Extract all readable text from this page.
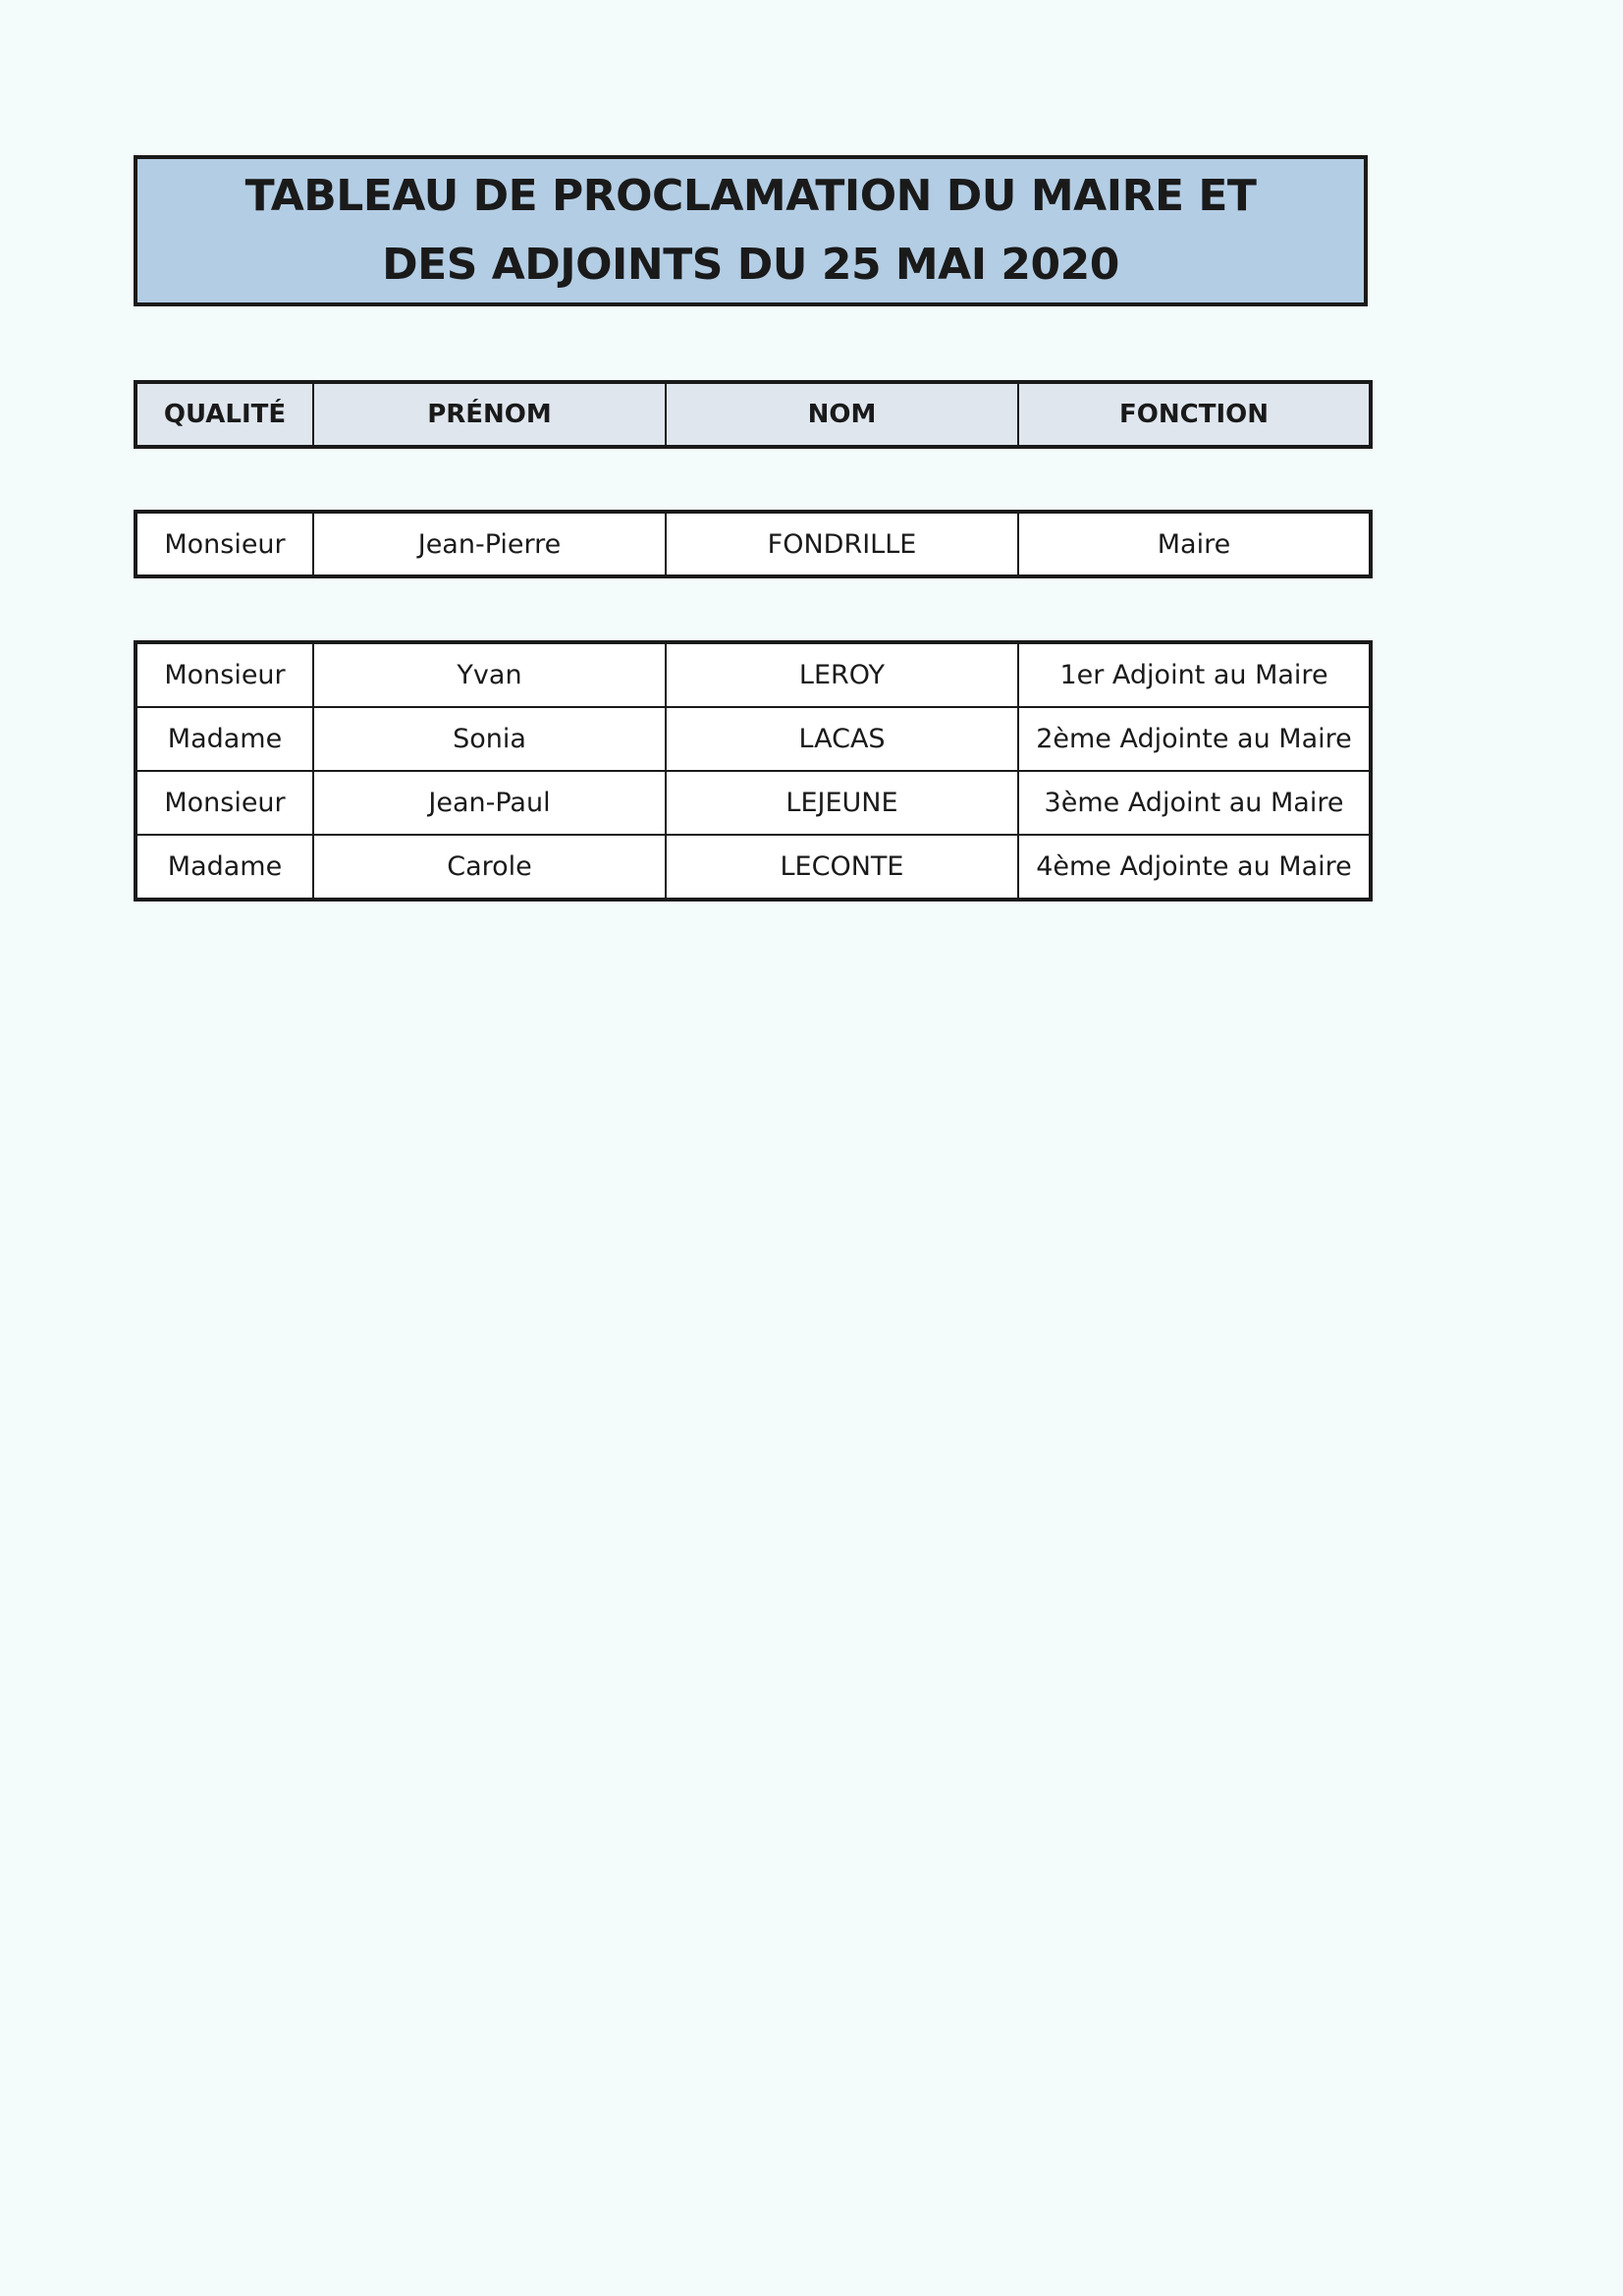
TABLEAU DE PROCLAMATION DU MAIRE ET
DES ADJOINTS DU 25 MAI 2020
QUALITÉ	PRÉNOM	NOM	FONCTION
Monsieur	Jean-Pierre	FONDRILLE	Maire
Monsieur	Yvan	LEROY	1er Adjoint au Maire
Madame	Sonia	LACAS	2ème Adjointe au Maire
Monsieur	Jean-Paul	LEJEUNE	3ème Adjoint au Maire
Madame	Carole	LECONTE	4ème Adjointe au Maire
